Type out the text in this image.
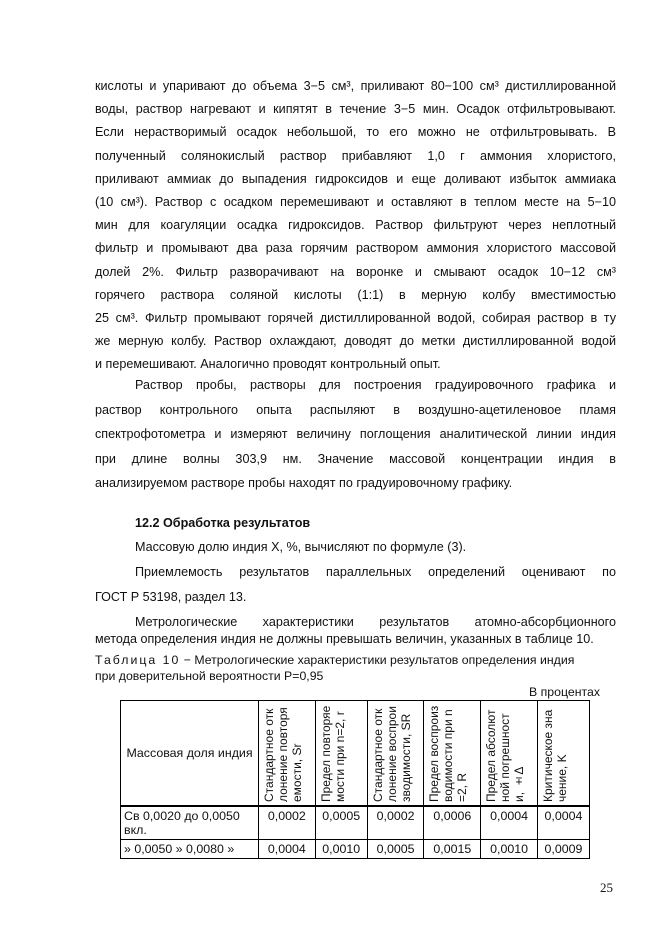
кислоты и упаривают до объема 3−5 см³, приливают 80−100 см³ дистиллированной
воды, раствор нагревают и кипятят в течение 3−5 мин. Осадок отфильтровывают.
Если нерастворимый осадок небольшой, то его можно не отфильтровывать. В
полученный солянокислый раствор прибавляют 1,0 г аммония хлористого,
приливают аммиак до выпадения гидроксидов и еще доливают избыток аммиака
(10 см³). Раствор с осадком перемешивают и оставляют в теплом месте на 5−10
мин для коагуляции осадка гидроксидов. Раствор фильтруют через неплотный
фильтр и промывают два раза горячим раствором аммония хлористого массовой
долей 2%. Фильтр разворачивают на воронке и смывают осадок 10−12 см³
горячего раствора соляной кислоты (1:1) в мерную колбу вместимостью
25 см³. Фильтр промывают горячей дистиллированной водой, собирая раствор в ту
же мерную колбу. Раствор охлаждают, доводят до метки дистиллированной водой
и перемешивают. Аналогично проводят контрольный опыт.
Раствор пробы, растворы для построения градуировочного графика и
раствор контрольного опыта распыляют в воздушно-ацетиленовое пламя
спектрофотометра и измеряют величину поглощения аналитической линии индия
при длине волны 303,9 нм. Значение массовой концентрации индия в
анализируемом растворе пробы находят по градуировочному графику.
12.2 Обработка результатов
Массовую долю индия X, %, вычисляют по формуле (3).
Приемлемость результатов параллельных определений оценивают по
ГОСТ Р 53198, раздел 13.
Метрологические характеристики результатов атомно-абсорбционного
метода определения индия не должны превышать величин, указанных в таблице 10.
Таблица 10 − Метрологические характеристики результатов определения индия
при доверительной вероятности P=0,95
В процентах
Массовая доля индия	Стандартное отклонение повторяемости, Sr	Предел повторяемости при n=2, r	Стандартное отклонение воспроизводимости, SR	Предел воспроизводимости при n=2, R	Предел абсолютной погрешности, ±Δ	Критическое значение, K

Св 0,0020 до 0,0050 вкл.	0,0002	0,0005	0,0002	0,0006	0,0004	0,0004
» 0,0050 » 0,0080 »	0,0004	0,0010	0,0005	0,0015	0,0010	0,0009
25
